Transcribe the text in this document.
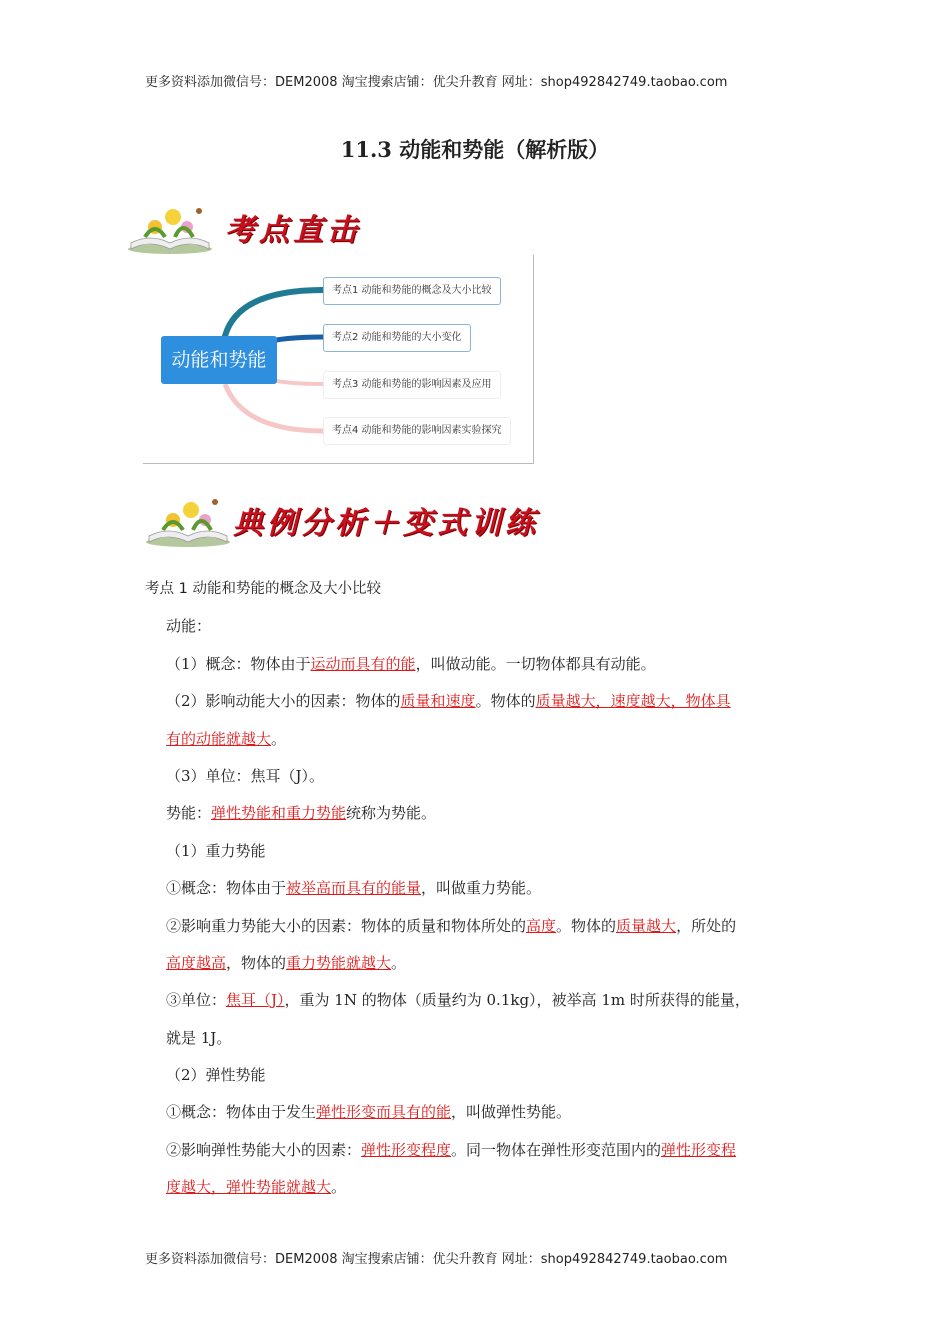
更多资料添加微信号：DEM2008 淘宝搜索店铺：优尖升教育 网址：shop492842749.taobao.com
11.3 动能和势能（解析版）
考点直击
动能和势能
考点1 动能和势能的概念及大小比较
考点2 动能和势能的大小变化
考点3 动能和势能的影响因素及应用
考点4 动能和势能的影响因素实验探究
典例分析＋变式训练
考点 1 动能和势能的概念及大小比较
动能：
（1）概念：物体由于运动而具有的能，叫做动能。一切物体都具有动能。
（2）影响动能大小的因素：物体的质量和速度。物体的质量越大，速度越大，物体具
有的动能就越大。
（3）单位：焦耳（J）。
势能：弹性势能和重力势能统称为势能。
（1）重力势能
①概念：物体由于被举高而具有的能量，叫做重力势能。
②影响重力势能大小的因素：物体的质量和物体所处的高度。物体的质量越大，所处的
高度越高，物体的重力势能就越大。
③单位：焦耳（J），重为 1N 的物体（质量约为 0.1kg），被举高 1m 时所获得的能量，
就是 1J。
（2）弹性势能
①概念：物体由于发生弹性形变而具有的能，叫做弹性势能。
②影响弹性势能大小的因素：弹性形变程度。同一物体在弹性形变范围内的弹性形变程
度越大，弹性势能就越大。
更多资料添加微信号：DEM2008 淘宝搜索店铺：优尖升教育 网址：shop492842749.taobao.com
